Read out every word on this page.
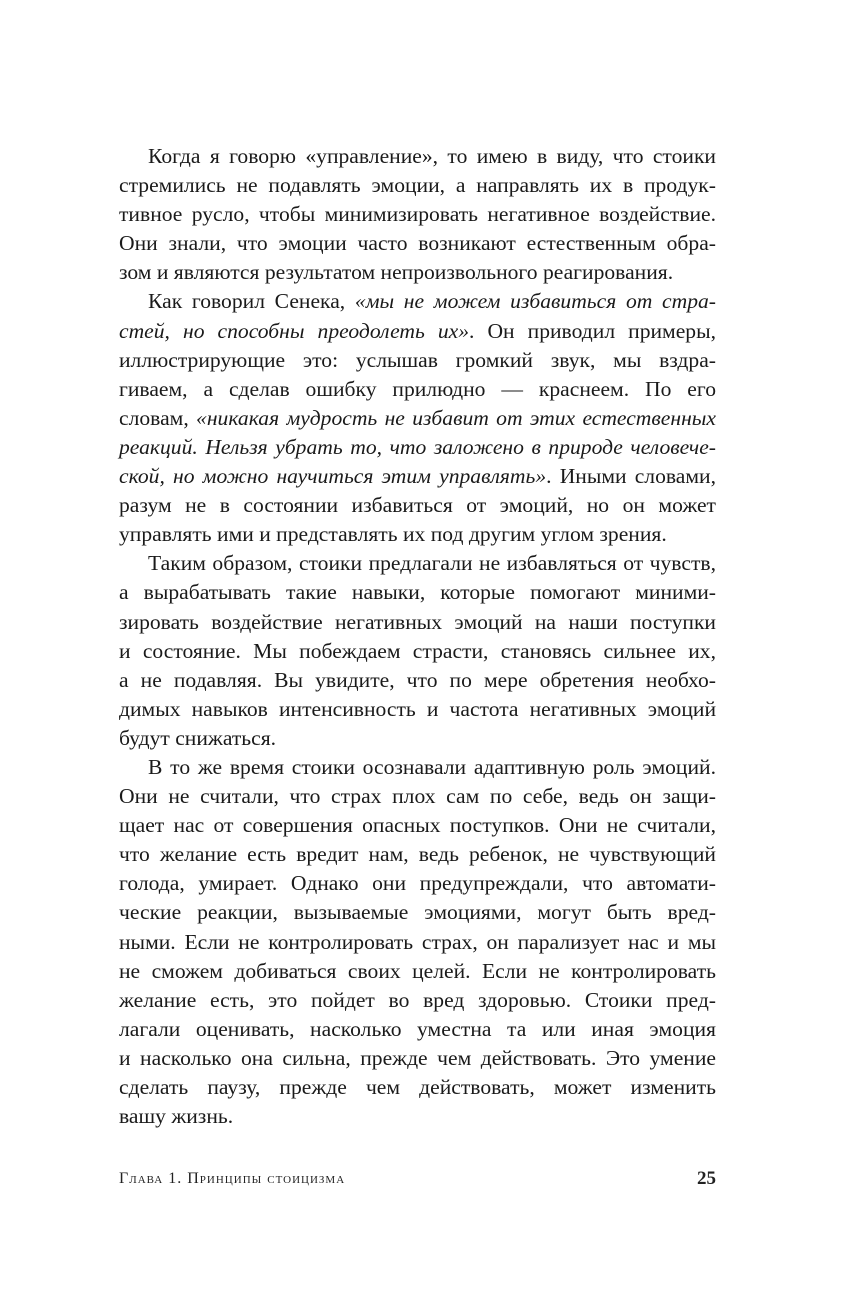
Когда я говорю «управление», то имею в виду, что стоики
стремились не подавлять эмоции, а направлять их в продук-
тивное русло, чтобы минимизировать негативное воздействие.
Они знали, что эмоции часто возникают естественным обра-
зом и являются результатом непроизвольного реагирования.
Как говорил Сенека, «мы не можем избавиться от стра-
стей, но способны преодолеть их». Он приводил примеры,
иллюстрирующие это: услышав громкий звук, мы вздра-
гиваем, а сделав ошибку прилюдно — краснеем. По его
словам, «никакая мудрость не избавит от этих естественных
реакций. Нельзя убрать то, что заложено в природе человече-
ской, но можно научиться этим управлять». Иными словами,
разум не в состоянии избавиться от эмоций, но он может
управлять ими и представлять их под другим углом зрения.
Таким образом, стоики предлагали не избавляться от чувств,
а вырабатывать такие навыки, которые помогают миними-
зировать воздействие негативных эмоций на наши поступки
и состояние. Мы побеждаем страсти, становясь сильнее их,
а не подавляя. Вы увидите, что по мере обретения необхо-
димых навыков интенсивность и частота негативных эмоций
будут снижаться.
В то же время стоики осознавали адаптивную роль эмоций.
Они не считали, что страх плох сам по себе, ведь он защи-
щает нас от совершения опасных поступков. Они не считали,
что желание есть вредит нам, ведь ребенок, не чувствующий
голода, умирает. Однако они предупреждали, что автомати-
ческие реакции, вызываемые эмоциями, могут быть вред-
ными. Если не контролировать страх, он парализует нас и мы
не сможем добиваться своих целей. Если не контролировать
желание есть, это пойдет во вред здоровью. Стоики пред-
лагали оценивать, насколько уместна та или иная эмоция
и насколько она сильна, прежде чем действовать. Это умение
сделать паузу, прежде чем действовать, может изменить
вашу жизнь.
Глава 1. Принципы стоицизма	25
